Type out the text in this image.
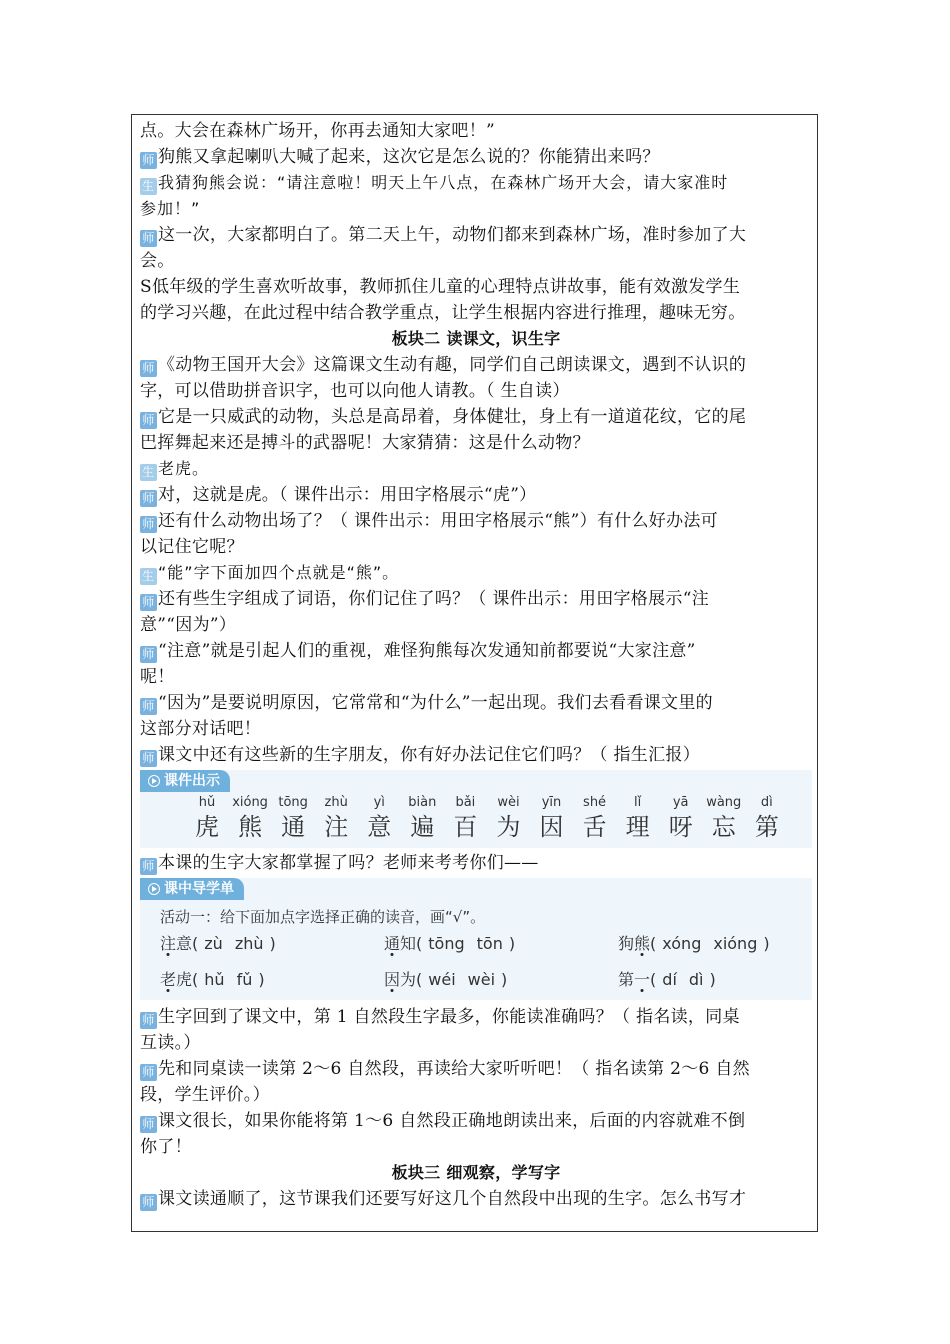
点。大会在森林广场开，你再去通知大家吧！”
师 狗熊又拿起喇叭大喊了起来，这次它是怎么说的？你能猜出来吗？
生 我猜狗熊会说：“请注意啦！明天上午八点，在森林广场开大会，请大家准时
参加！”
师 这一次，大家都明白了。第二天上午，动物们都来到森林广场，准时参加了大
会。
S低年级的学生喜欢听故事，教师抓住儿童的心理特点讲故事，能有效激发学生
的学习兴趣，在此过程中结合教学重点，让学生根据内容进行推理，趣味无穷。
板块二 读课文，识生字
师 《动物王国开大会》这篇课文生动有趣，同学们自己朗读课文，遇到不认识的
字，可以借助拼音识字，也可以向他人请教。（ 生自读）
师 它是一只威武的动物，头总是高昂着，身体健壮，身上有一道道花纹，它的尾
巴挥舞起来还是搏斗的武器呢！大家猜猜：这是什么动物？
生 老虎。
师 对，这就是虎。（ 课件出示：用田字格展示“虎”）
师 还有什么动物出场了？（ 课件出示：用田字格展示“熊”）有什么好办法可
以记住它呢？
生 “能”字下面加四个点就是“熊”。
师 还有些生字组成了词语，你们记住了吗？（ 课件出示：用田字格展示“注
意”“因为”）
师 “注意”就是引起人们的重视，难怪狗熊每次发通知前都要说“大家注意”
呢！
师 “因为”是要说明原因，它常常和“为什么”一起出现。我们去看看课文里的
这部分对话吧！
师 课文中还有这些新的生字朋友，你有好办法记住它们吗？（ 指生汇报）
课件出示
hǔ
虎
xióng
熊
tōng
通
zhù
注
yì
意
biàn
遍
bǎi
百
wèi
为
yīn
因
shé
舌
lǐ
理
yā
呀
wàng
忘
dì
第
师 本课的生字大家都掌握了吗？老师来考考你们——
课中导学单
活动一：给下面加点字选择正确的读音，画“√”。
注意( zù zhù )	通知( tōng tōn )	狗熊( xóng xióng )
老虎( hǔ fǔ )	因为( wéi wèi )	第一( dí dì )
师 生字回到了课文中，第 1 自然段生字最多，你能读准确吗？（ 指名读，同桌
互读。）
师 先和同桌读一读第 2～6 自然段，再读给大家听听吧！（ 指名读第 2～6 自然
段，学生评价。）
师 课文很长，如果你能将第 1～6 自然段正确地朗读出来，后面的内容就难不倒
你了！
板块三 细观察，学写字
师 课文读通顺了，这节课我们还要写好这几个自然段中出现的生字。怎么书写才
